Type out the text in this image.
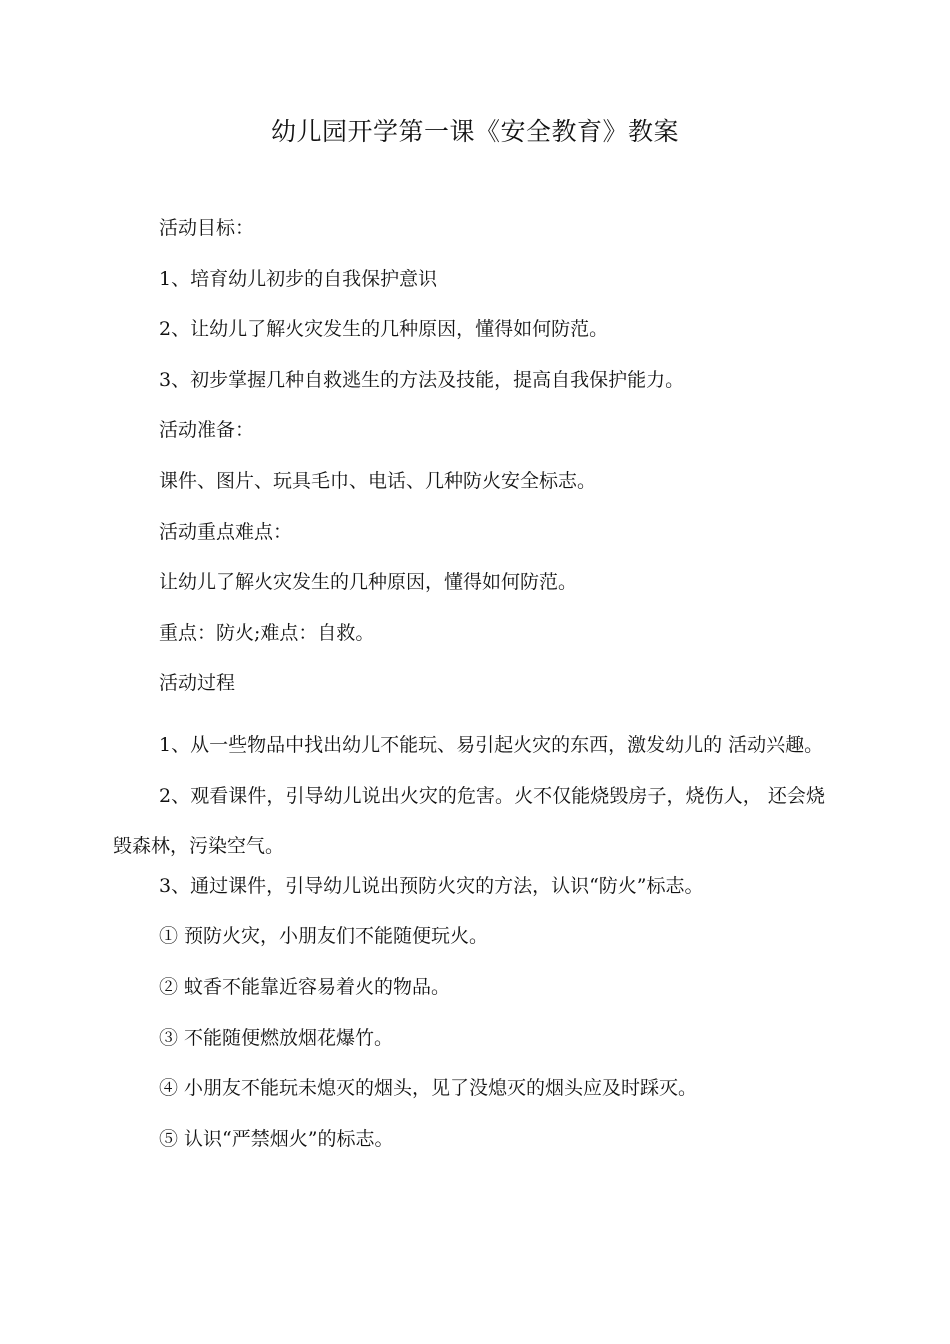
幼儿园开学第一课《安全教育》教案

活动目标：

1、培育幼儿初步的自我保护意识

2、让幼儿了解火灾发生的几种原因，懂得如何防范。

3、初步掌握几种自救逃生的方法及技能，提高自我保护能力。

活动准备：

课件、图片、玩具毛巾、电话、几种防火安全标志。

活动重点难点：

让幼儿了解火灾发生的几种原因，懂得如何防范。

重点：防火;难点：自救。

活动过程

1、从一些物品中找出幼儿不能玩、易引起火灾的东西，激发幼儿的 活动兴趣。

2、观看课件，引导幼儿说出火灾的危害。火不仅能烧毁房子，烧伤人， 还会烧毁森林，污染空气。

3、通过课件，引导幼儿说出预防火灾的方法，认识“防火”标志。

① 预防火灾，小朋友们不能随便玩火。

② 蚊香不能靠近容易着火的物品。

③ 不能随便燃放烟花爆竹。

④ 小朋友不能玩未熄灭的烟头，见了没熄灭的烟头应及时踩灭。

⑤ 认识“严禁烟火”的标志。
